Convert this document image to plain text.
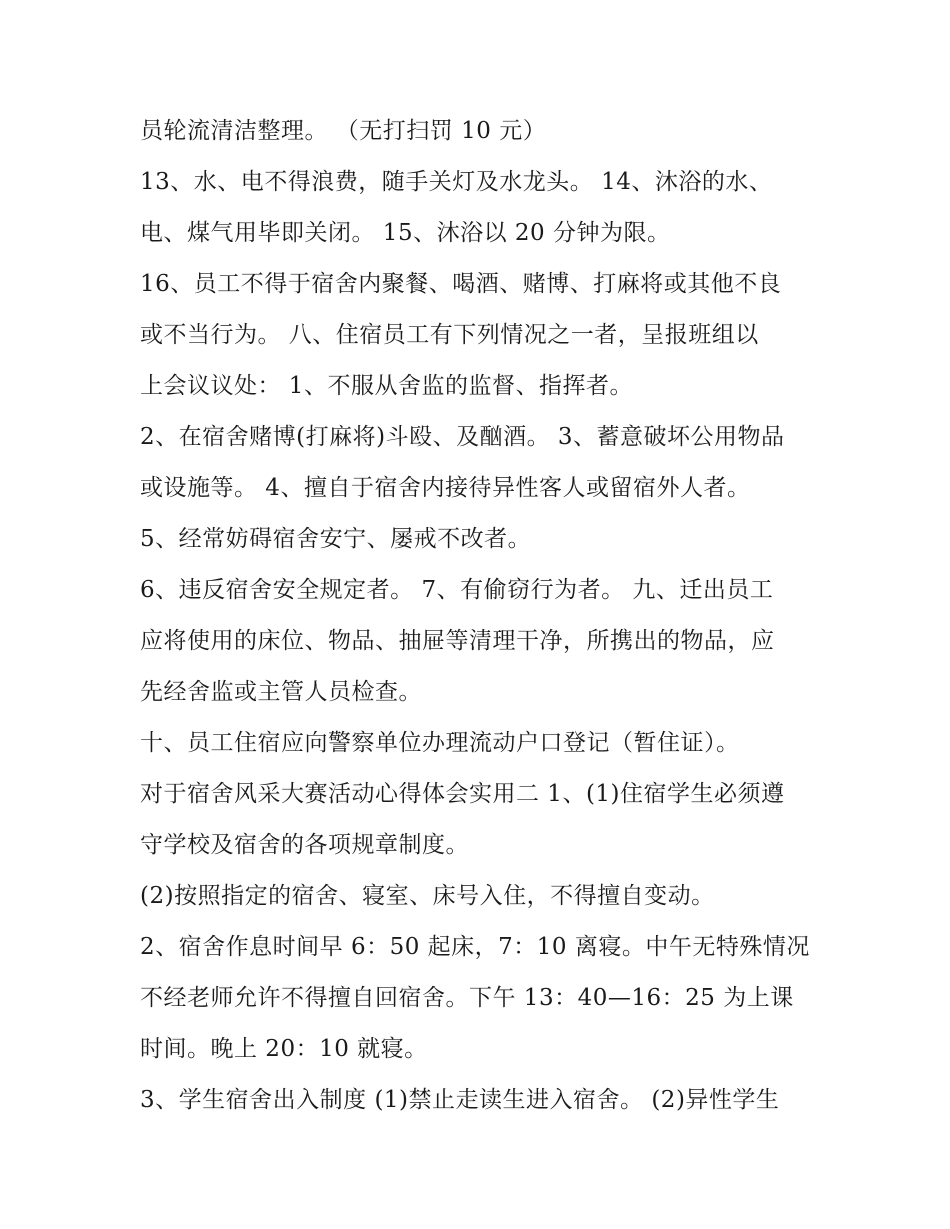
员轮流清洁整理。 （无打扫罚 10 元）
13、水、电不得浪费，随手关灯及水龙头。 14、沐浴的水、
电、煤气用毕即关闭。 15、沐浴以 20 分钟为限。
16、员工不得于宿舍内聚餐、喝酒、赌博、打麻将或其他不良
或不当行为。 八、住宿员工有下列情况之一者，呈报班组以
上会议议处： 1、不服从舍监的监督、指挥者。
2、在宿舍赌博(打麻将)斗殴、及酗酒。 3、蓄意破坏公用物品
或设施等。 4、擅自于宿舍内接待异性客人或留宿外人者。
5、经常妨碍宿舍安宁、屡戒不改者。
6、违反宿舍安全规定者。 7、有偷窃行为者。 九、迁出员工
应将使用的床位、物品、抽屉等清理干净，所携出的物品，应
先经舍监或主管人员检查。
十、员工住宿应向警察单位办理流动户口登记（暂住证）。
对于宿舍风采大赛活动心得体会实用二 1、(1)住宿学生必须遵
守学校及宿舍的各项规章制度。
(2)按照指定的宿舍、寝室、床号入住，不得擅自变动。
2、宿舍作息时间早 6：50 起床，7：10 离寝。中午无特殊情况
不经老师允许不得擅自回宿舍。下午 13：40—16：25 为上课
时间。晚上 20：10 就寝。
3、学生宿舍出入制度 (1)禁止走读生进入宿舍。 (2)异性学生
